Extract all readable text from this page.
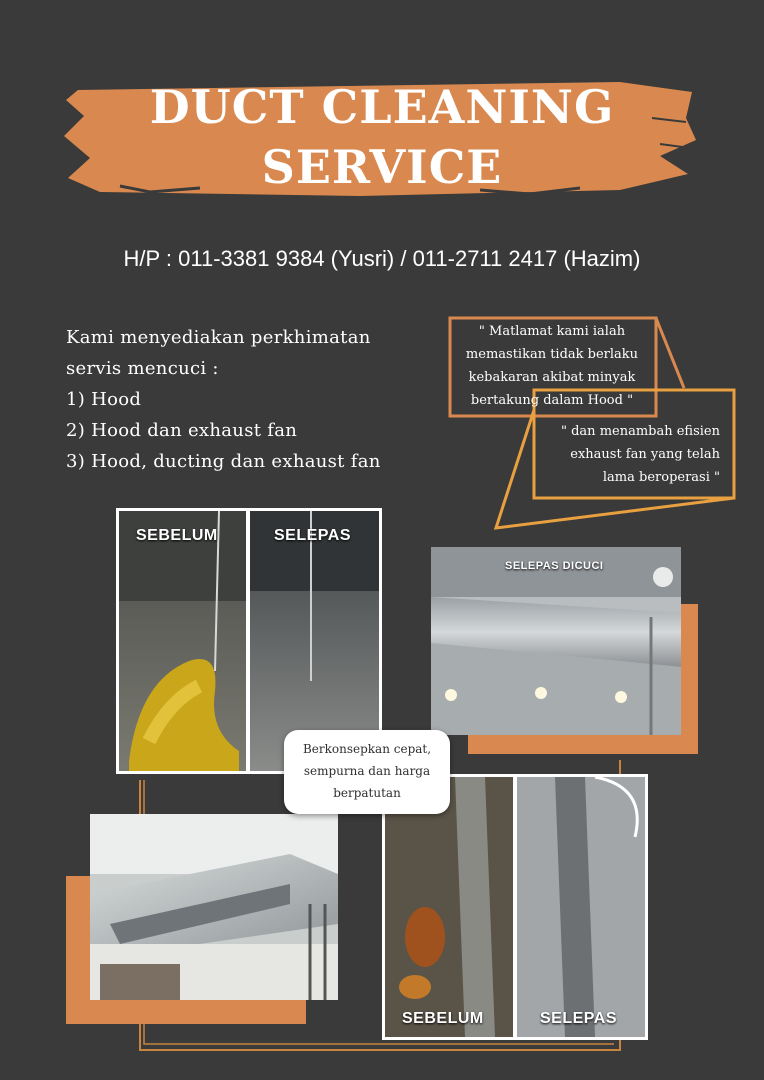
DUCT CLEANING
SERVICE
H/P : 011-3381 9384 (Yusri) / 011-2711 2417 (Hazim)
Kami menyediakan perkhimatan
servis mencuci :
1) Hood
2) Hood dan exhaust fan
3) Hood, ducting dan exhaust fan
" Matlamat kami ialah
memastikan tidak berlaku
kebakaran akibat minyak
bertakung dalam Hood "
" dan menambah efisien
exhaust fan yang telah
lama beroperasi "
SEBELUM	SELEPAS
SELEPAS DICUCI
SEBELUM	SELEPAS
Berkonsepkan cepat,
sempurna dan harga
berpatutan
